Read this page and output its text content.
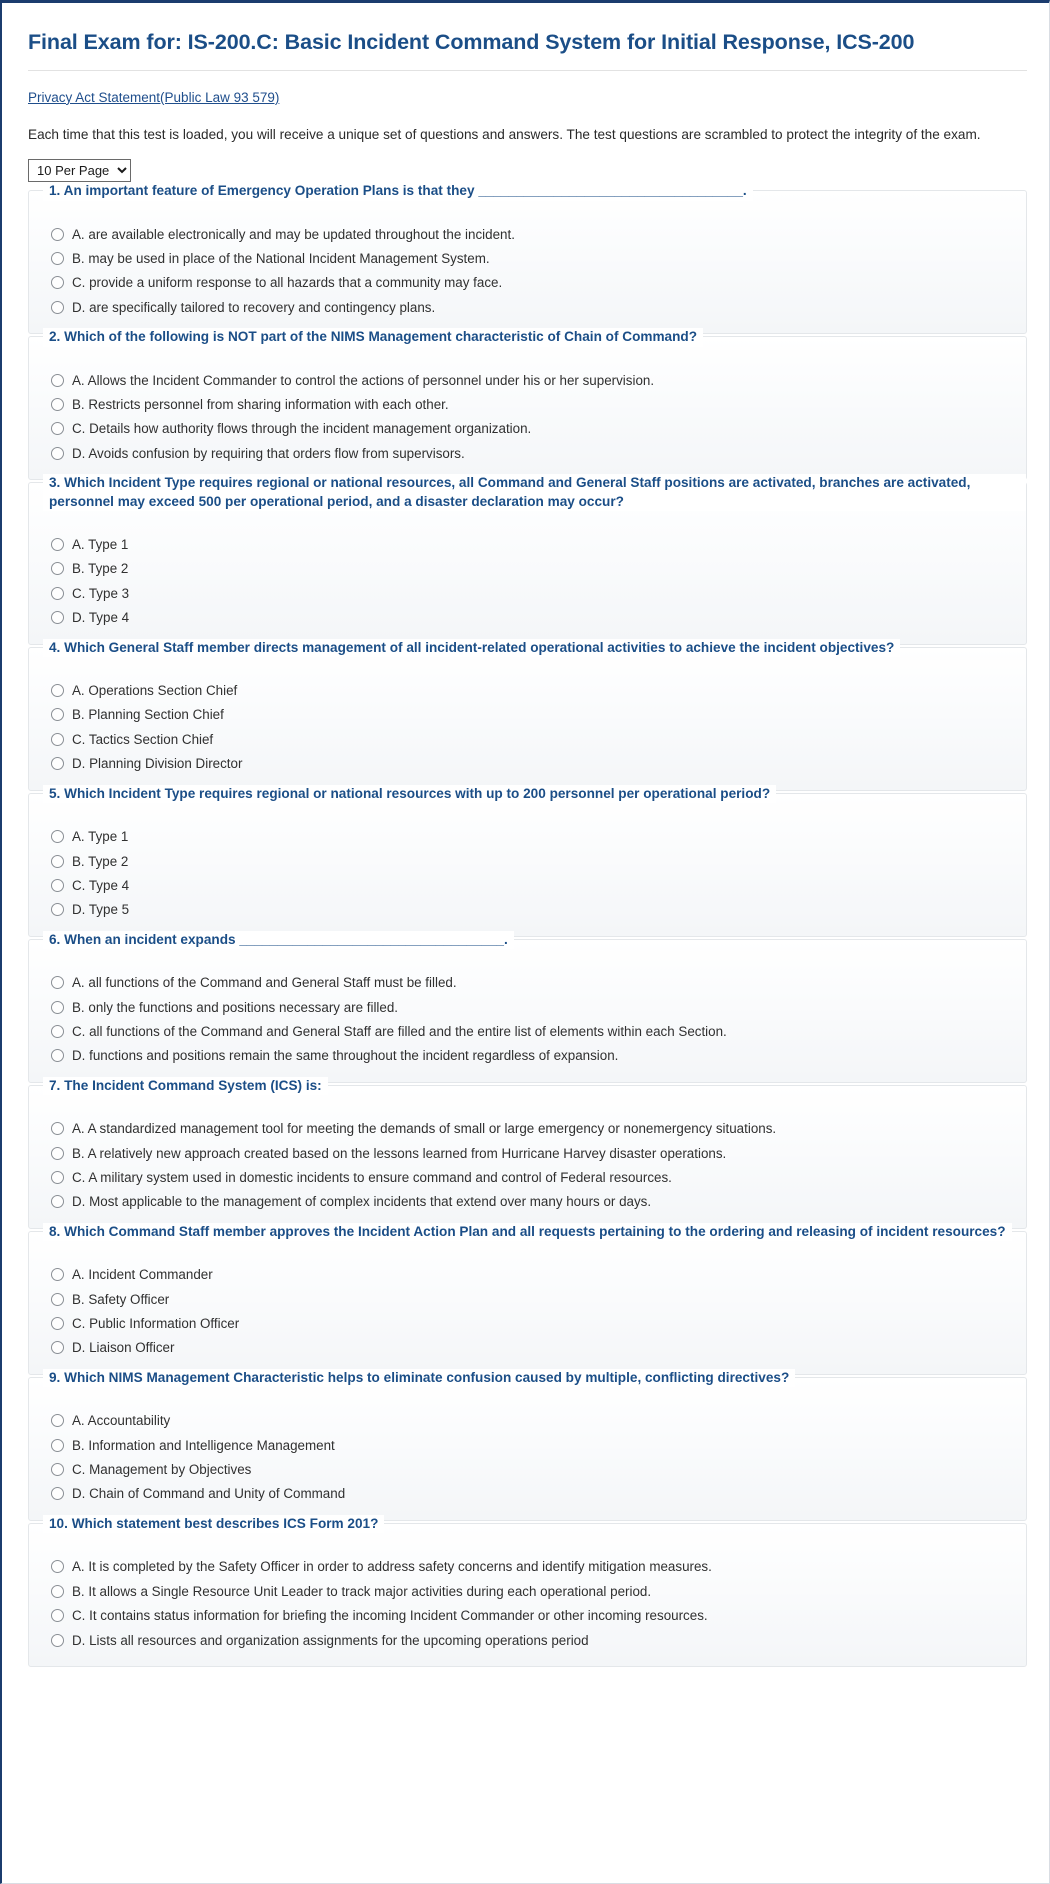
Final Exam for: IS-200.C: Basic Incident Command System for Initial Response, ICS-200
Privacy Act Statement(Public Law 93 579)

Each time that this test is loaded, you will receive a unique set of questions and answers. The test questions are scrambled to protect the integrity of the exam.

10 Per Page
1. An important feature of Emergency Operation Plans is that they ___________________________________.
A. are available electronically and may be updated throughout the incident.
B. may be used in place of the National Incident Management System.
C. provide a uniform response to all hazards that a community may face.
D. are specifically tailored to recovery and contingency plans.
2. Which of the following is NOT part of the NIMS Management characteristic of Chain of Command?
A. Allows the Incident Commander to control the actions of personnel under his or her supervision.
B. Restricts personnel from sharing information with each other.
C. Details how authority flows through the incident management organization.
D. Avoids confusion by requiring that orders flow from supervisors.
3. Which Incident Type requires regional or national resources, all Command and General Staff positions are activated, branches are activated, personnel may exceed 500 per operational period, and a disaster declaration may occur?
A. Type 1
B. Type 2
C. Type 3
D. Type 4
4. Which General Staff member directs management of all incident-related operational activities to achieve the incident objectives?
A. Operations Section Chief
B. Planning Section Chief
C. Tactics Section Chief
D. Planning Division Director
5. Which Incident Type requires regional or national resources with up to 200 personnel per operational period?
A. Type 1
B. Type 2
C. Type 4
D. Type 5
6. When an incident expands ___________________________________.
A. all functions of the Command and General Staff must be filled.
B. only the functions and positions necessary are filled.
C. all functions of the Command and General Staff are filled and the entire list of elements within each Section.
D. functions and positions remain the same throughout the incident regardless of expansion.
7. The Incident Command System (ICS) is:
A. A standardized management tool for meeting the demands of small or large emergency or nonemergency situations.
B. A relatively new approach created based on the lessons learned from Hurricane Harvey disaster operations.
C. A military system used in domestic incidents to ensure command and control of Federal resources.
D. Most applicable to the management of complex incidents that extend over many hours or days.
8. Which Command Staff member approves the Incident Action Plan and all requests pertaining to the ordering and releasing of incident resources?
A. Incident Commander
B. Safety Officer
C. Public Information Officer
D. Liaison Officer
9. Which NIMS Management Characteristic helps to eliminate confusion caused by multiple, conflicting directives?
A. Accountability
B. Information and Intelligence Management
C. Management by Objectives
D. Chain of Command and Unity of Command
10. Which statement best describes ICS Form 201?
A. It is completed by the Safety Officer in order to address safety concerns and identify mitigation measures.
B. It allows a Single Resource Unit Leader to track major activities during each operational period.
C. It contains status information for briefing the incoming Incident Commander or other incoming resources.
D. Lists all resources and organization assignments for the upcoming operations period
